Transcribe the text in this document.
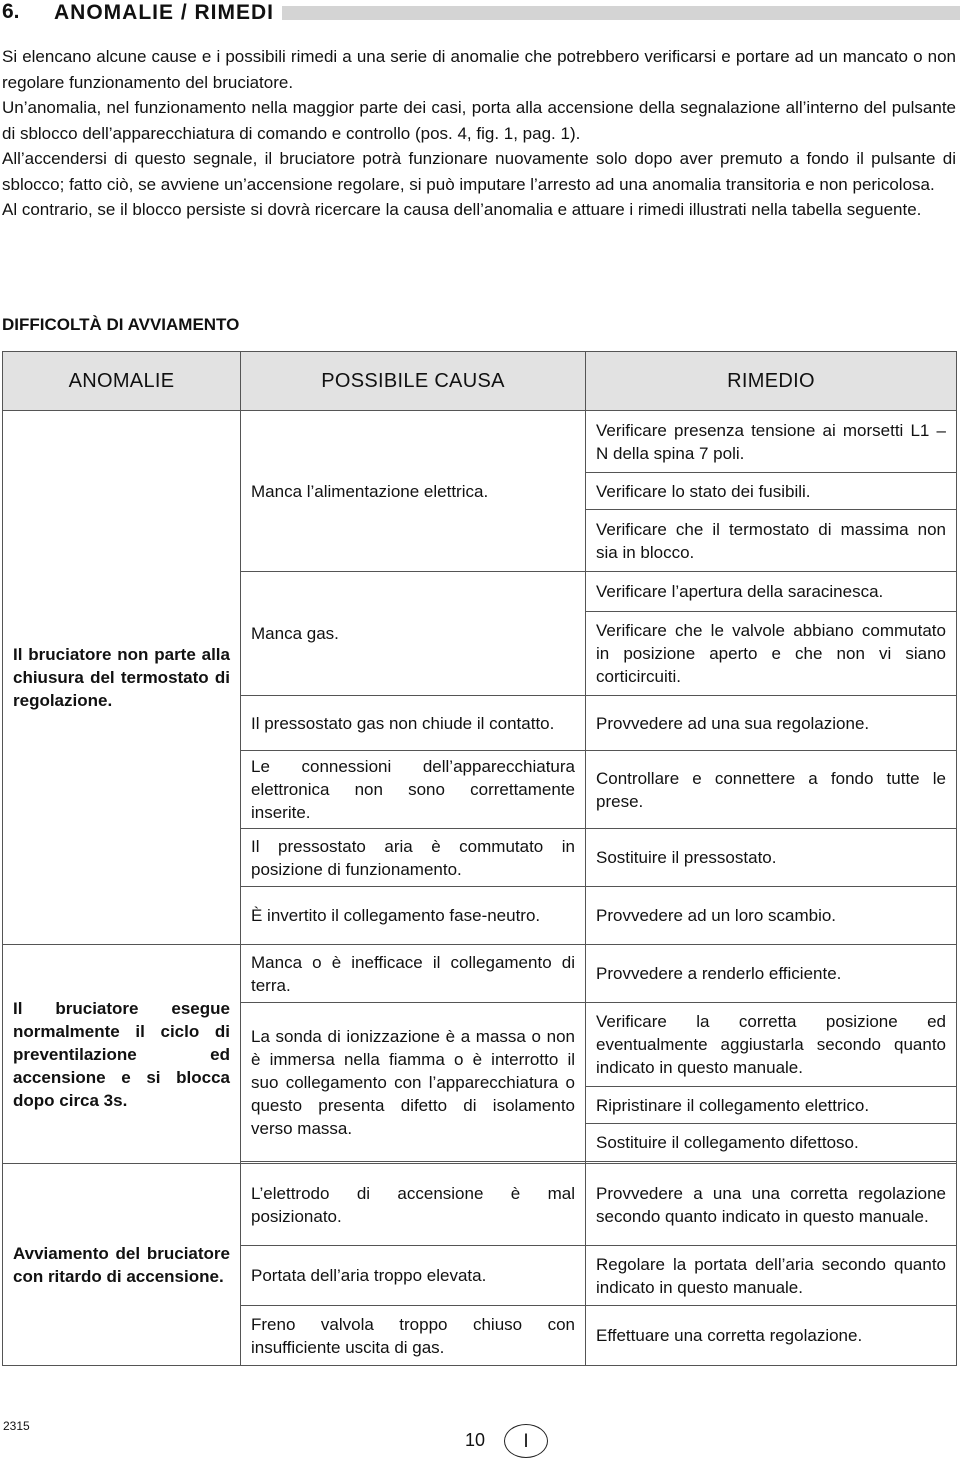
6.	ANOMALIE / RIMEDI

Si elencano alcune cause e i possibili rimedi a una serie di anomalie che potrebbero verificarsi e portare ad un mancato o non regolare funzionamento del bruciatore.

Un’anomalia, nel funzionamento nella maggior parte dei casi, porta alla accensione della segnalazione all’interno del pulsante di sblocco dell’apparecchiatura di comando e controllo (pos. 4, fig. 1, pag. 1).

All’accendersi di questo segnale, il bruciatore potrà funzionare nuovamente solo dopo aver premuto a fondo il pulsante di sblocco; fatto ciò, se avviene un’accensione regolare, si può imputare l’arresto ad una anomalia transitoria e non pericolosa.

Al contrario, se il blocco persiste si dovrà ricercare la causa dell’anomalia e attuare i rimedi illustrati nella tabella seguente.

DIFFICOLTÀ DI AVVIAMENTO
ANOMALIE	POSSIBILE CAUSA	RIMEDIO
Il bruciatore non parte alla chiusura del termostato di regolazione.	Manca l’alimentazione elettrica.	Verificare presenza tensione ai morsetti L1 – N della spina 7 poli.
		Verificare lo stato dei fusibili.
		Verificare che il termostato di massima non sia in blocco.
	Manca gas.	Verificare l’apertura della saracinesca.
		Verificare che le valvole abbiano commutato in posizione aperto e che non vi siano corticircuiti.
	Il pressostato gas non chiude il contatto.	Provvedere ad una sua regolazione.
	Le connessioni dell’apparecchiatura elettronica non sono correttamente inserite.	Controllare e connettere a fondo tutte le prese.
	Il pressostato aria è commutato in posizione di funzionamento.	Sostituire il pressostato.
	È invertito il collegamento fase-neutro.	Provvedere ad un loro scambio.
Il bruciatore esegue normalmente il ciclo di preventilazione ed accensione e si blocca dopo circa 3s.	Manca o è inefficace il collegamento di terra.	Provvedere a renderlo efficiente.
	La sonda di ionizzazione è a massa o non è immersa nella fiamma o è interrotto il suo collegamento con l’apparecchiatura o questo presenta difetto di isolamento verso massa.	Verificare la corretta posizione ed eventualmente aggiustarla secondo quanto indicato in questo manuale.
		Ripristinare il collegamento elettrico.
		Sostituire il collegamento difettoso.

Avviamento del bruciatore con ritardo di accensione.	L’elettrodo di accensione è mal posizionato.	Provvedere a una una corretta regolazione secondo quanto indicato in questo manuale.
	Portata dell’aria troppo elevata.	Regolare la portata dell’aria secondo quanto indicato in questo manuale.
	Freno valvola troppo chiuso con insufficiente uscita di gas.	Effettuare una corretta regolazione.
2315
10	I
